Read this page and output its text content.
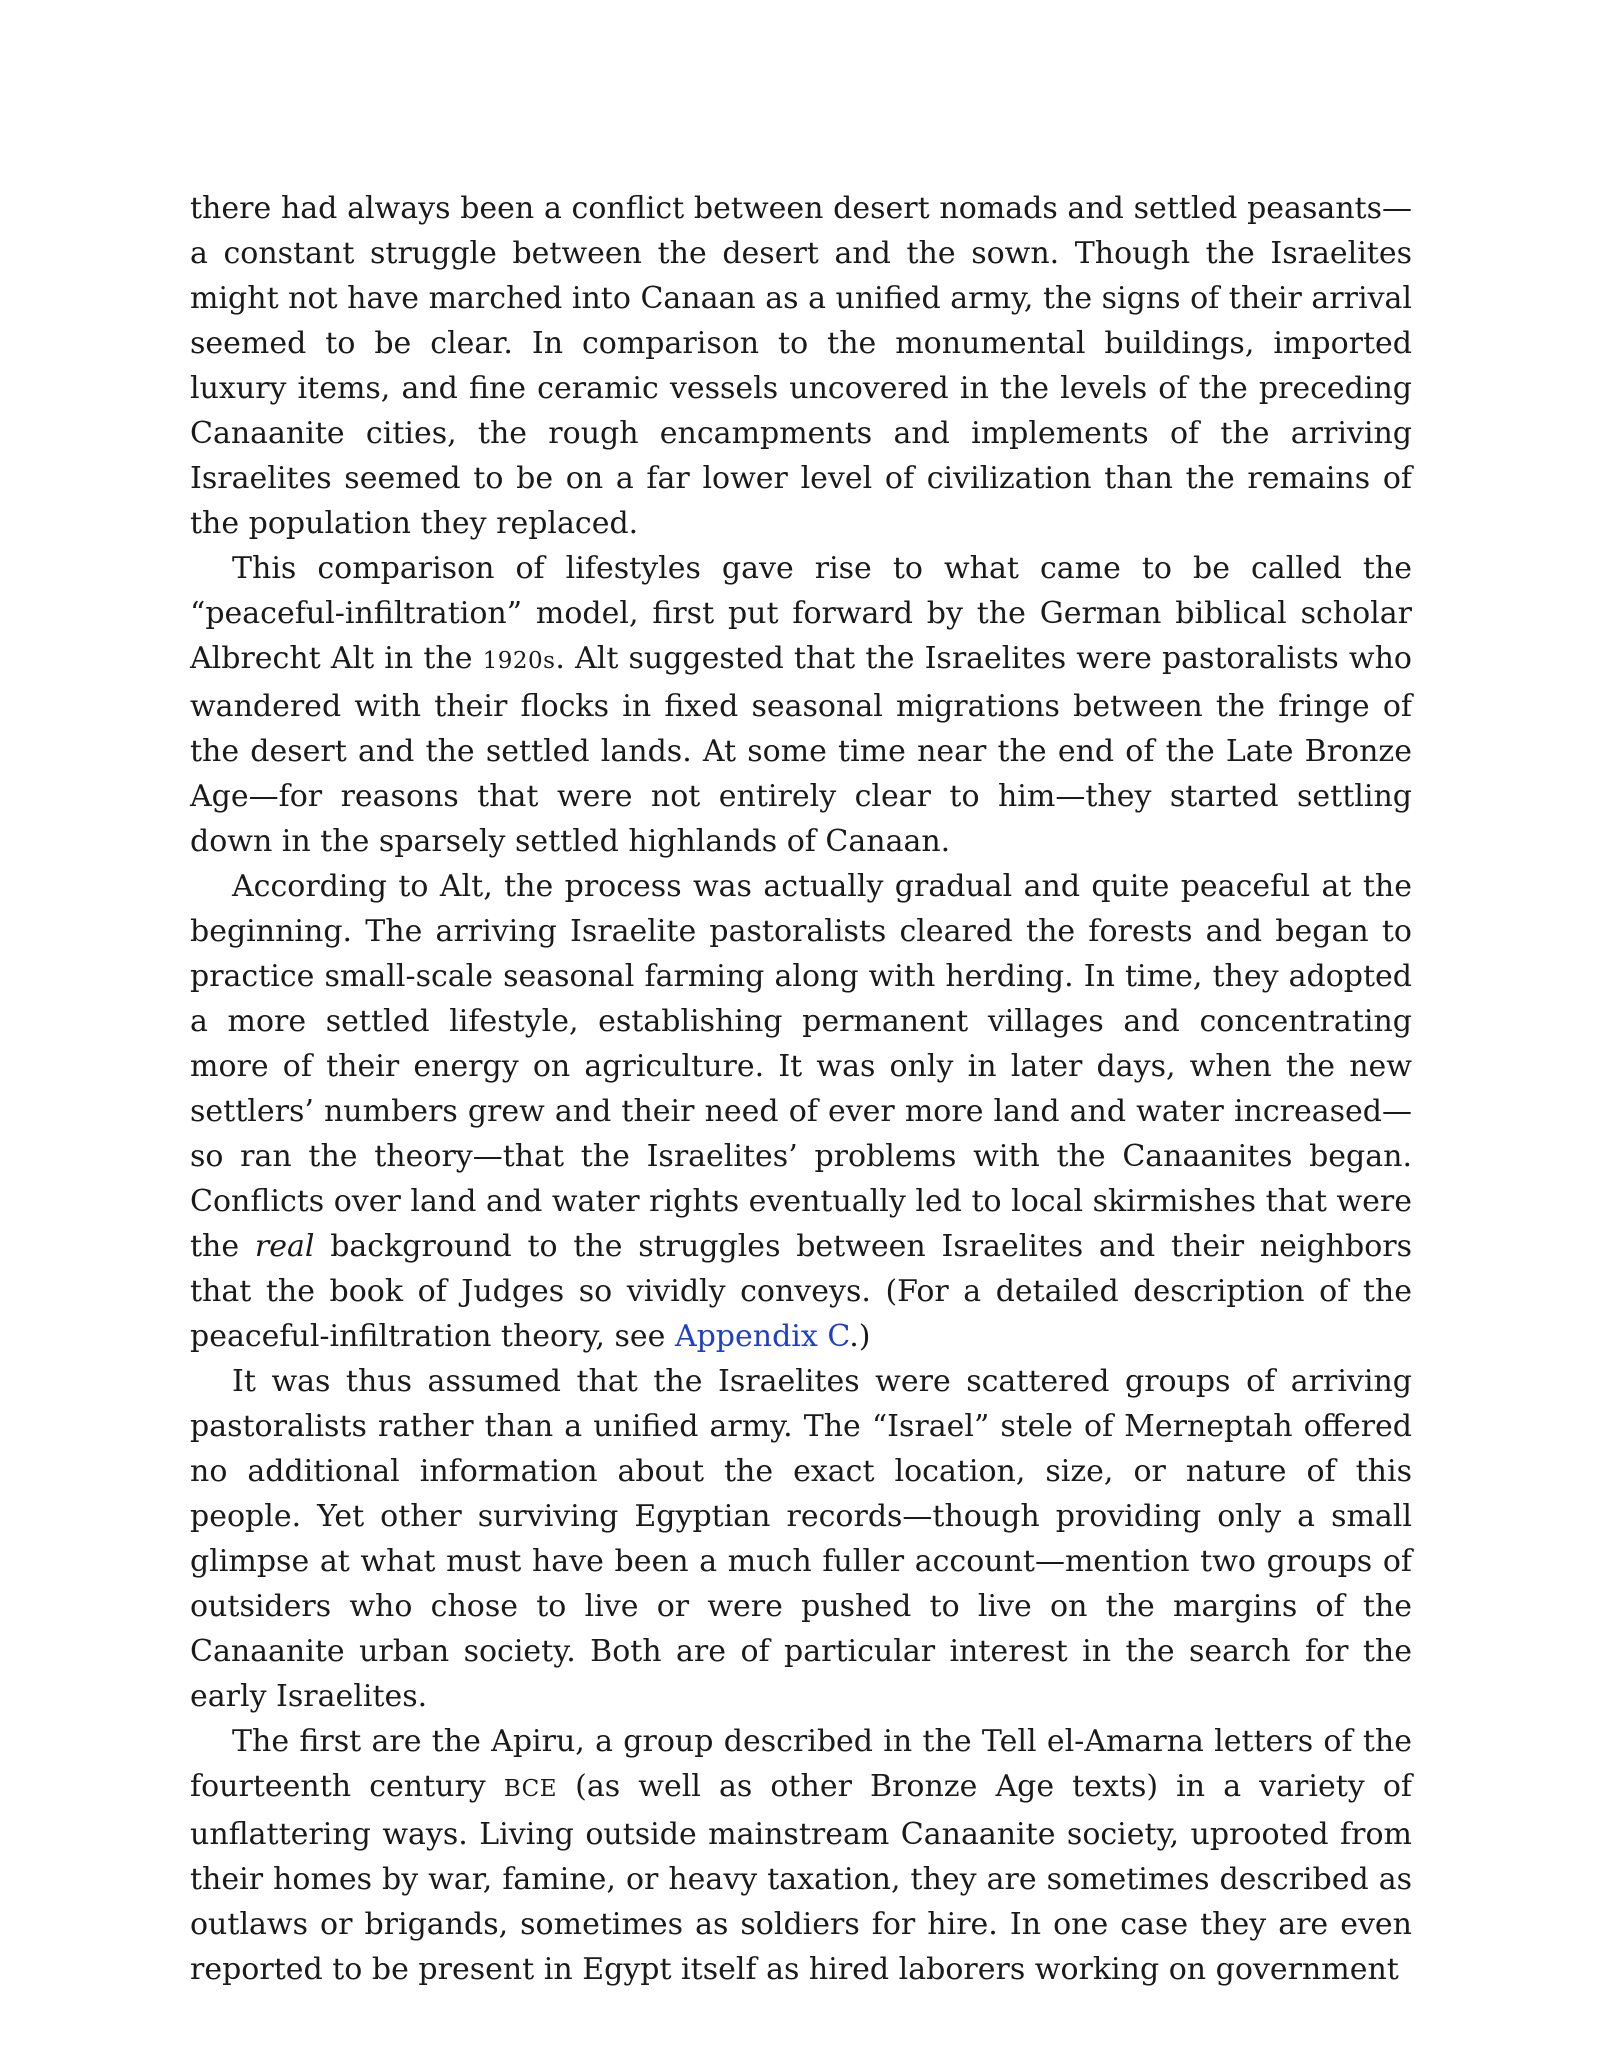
there had always been a conflict between desert nomads and settled peasants—a constant struggle between the desert and the sown. Though the Israelites might not have marched into Canaan as a unified army, the signs of their arrival seemed to be clear. In comparison to the monumental buildings, imported luxury items, and fine ceramic vessels uncovered in the levels of the preceding Canaanite cities, the rough encampments and implements of the arriving Israelites seemed to be on a far lower level of civilization than the remains of the population they replaced.

This comparison of lifestyles gave rise to what came to be called the “peaceful-infiltration” model, first put forward by the German biblical scholar Albrecht Alt in the 1920s. Alt suggested that the Israelites were pastoralists who wandered with their flocks in fixed seasonal migrations between the fringe of the desert and the settled lands. At some time near the end of the Late Bronze Age—for reasons that were not entirely clear to him—they started settling down in the sparsely settled highlands of Canaan.

According to Alt, the process was actually gradual and quite peaceful at the beginning. The arriving Israelite pastoralists cleared the forests and began to practice small-scale seasonal farming along with herding. In time, they adopted a more settled lifestyle, establishing permanent villages and concentrating more of their energy on agriculture. It was only in later days, when the new settlers’ numbers grew and their need of ever more land and water increased—so ran the theory—that the Israelites’ problems with the Canaanites began. Conflicts over land and water rights eventually led to local skirmishes that were the real background to the struggles between Israelites and their neighbors that the book of Judges so vividly conveys. (For a detailed description of the peaceful-infiltration theory, see Appendix C.)

It was thus assumed that the Israelites were scattered groups of arriving pastoralists rather than a unified army. The “Israel” stele of Merneptah offered no additional information about the exact location, size, or nature of this people. Yet other surviving Egyptian records—though providing only a small glimpse at what must have been a much fuller account—mention two groups of outsiders who chose to live or were pushed to live on the margins of the Canaanite urban society. Both are of particular interest in the search for the early Israelites.

The first are the Apiru, a group described in the Tell el-Amarna letters of the fourteenth century BCE (as well as other Bronze Age texts) in a variety of unflattering ways. Living outside mainstream Canaanite society, uprooted from their homes by war, famine, or heavy taxation, they are sometimes described as outlaws or brigands, sometimes as soldiers for hire. In one case they are even reported to be present in Egypt itself as hired laborers working on government
